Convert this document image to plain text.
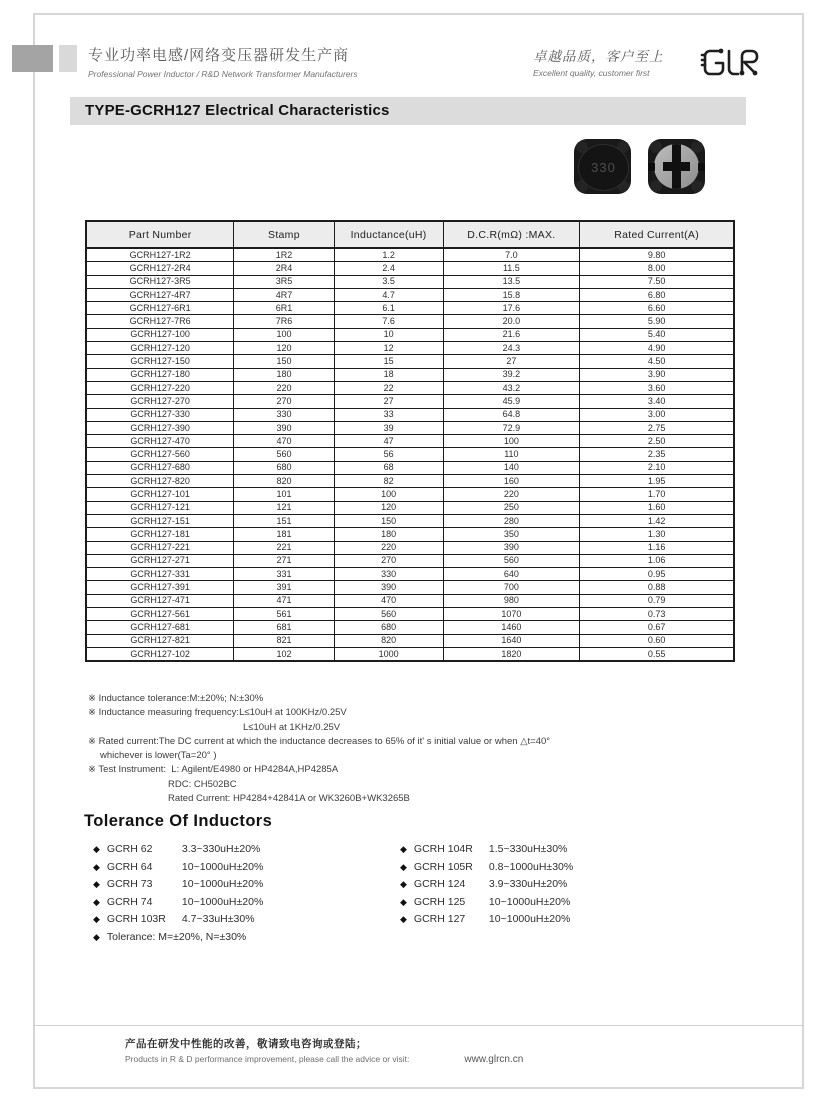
专业功率电感/网络变压器研发生产商
Professional Power Inductor / R&D Network Transformer Manufacturers
卓越品质，客户至上
Excellent quality, customer first
TYPE-GCRH127 Electrical Characteristics
330
Part Number	Stamp	Inductance(uH)	D.C.R(mΩ) :MAX.	Rated Current(A)
GCRH127-1R2	1R2	1.2	7.0	9.80
GCRH127-2R4	2R4	2.4	11.5	8.00
GCRH127-3R5	3R5	3.5	13.5	7.50
GCRH127-4R7	4R7	4.7	15.8	6.80
GCRH127-6R1	6R1	6.1	17.6	6.60
GCRH127-7R6	7R6	7.6	20.0	5.90
GCRH127-100	100	10	21.6	5.40
GCRH127-120	120	12	24.3	4.90
GCRH127-150	150	15	27	4.50
GCRH127-180	180	18	39.2	3.90
GCRH127-220	220	22	43.2	3.60
GCRH127-270	270	27	45.9	3.40
GCRH127-330	330	33	64.8	3.00
GCRH127-390	390	39	72.9	2.75
GCRH127-470	470	47	100	2.50
GCRH127-560	560	56	110	2.35
GCRH127-680	680	68	140	2.10
GCRH127-820	820	82	160	1.95
GCRH127-101	101	100	220	1.70
GCRH127-121	121	120	250	1.60
GCRH127-151	151	150	280	1.42
GCRH127-181	181	180	350	1.30
GCRH127-221	221	220	390	1.16
GCRH127-271	271	270	560	1.06
GCRH127-331	331	330	640	0.95
GCRH127-391	391	390	700	0.88
GCRH127-471	471	470	980	0.79
GCRH127-561	561	560	1070	0.73
GCRH127-681	681	680	1460	0.67
GCRH127-821	821	820	1640	0.60
GCRH127-102	102	1000	1820	0.55
※ Inductance tolerance:M:±20%; N:±30%
※ Inductance measuring frequency:L≤10uH at 100KHz/0.25V
L≤10uH at 1KHz/0.25V
※ Rated current:The DC current at which the inductance decreases to 65% of it' s initial value or when △t=40°
whichever is lower(Ta=20° )
※ Test Instrument:  L: Agilent/E4980 or HP4284A,HP4285A
RDC: CH502BC
Rated Current: HP4284+42841A or WK3260B+WK3265B
Tolerance Of Inductors
◆ GCRH 62	3.3~330uH±20%
◆ GCRH 64	10~1000uH±20%
◆ GCRH 73	10~1000uH±20%
◆ GCRH 74	10~1000uH±20%
◆ GCRH 103R 4.7~33uH±30%
◆ Tolerance: M=±20%, N=±30%
◆ GCRH 104R 1.5~330uH±30%
◆ GCRH 105R 0.8~1000uH±30%
◆ GCRH 124 3.9~330uH±20%
◆ GCRH 125 10~1000uH±20%
◆ GCRH 127 10~1000uH±20%
产品在研发中性能的改善，敬请致电咨询或登陆；
Products in R & D performance improvement, please call the advice or visit:	www.glrcn.cn
